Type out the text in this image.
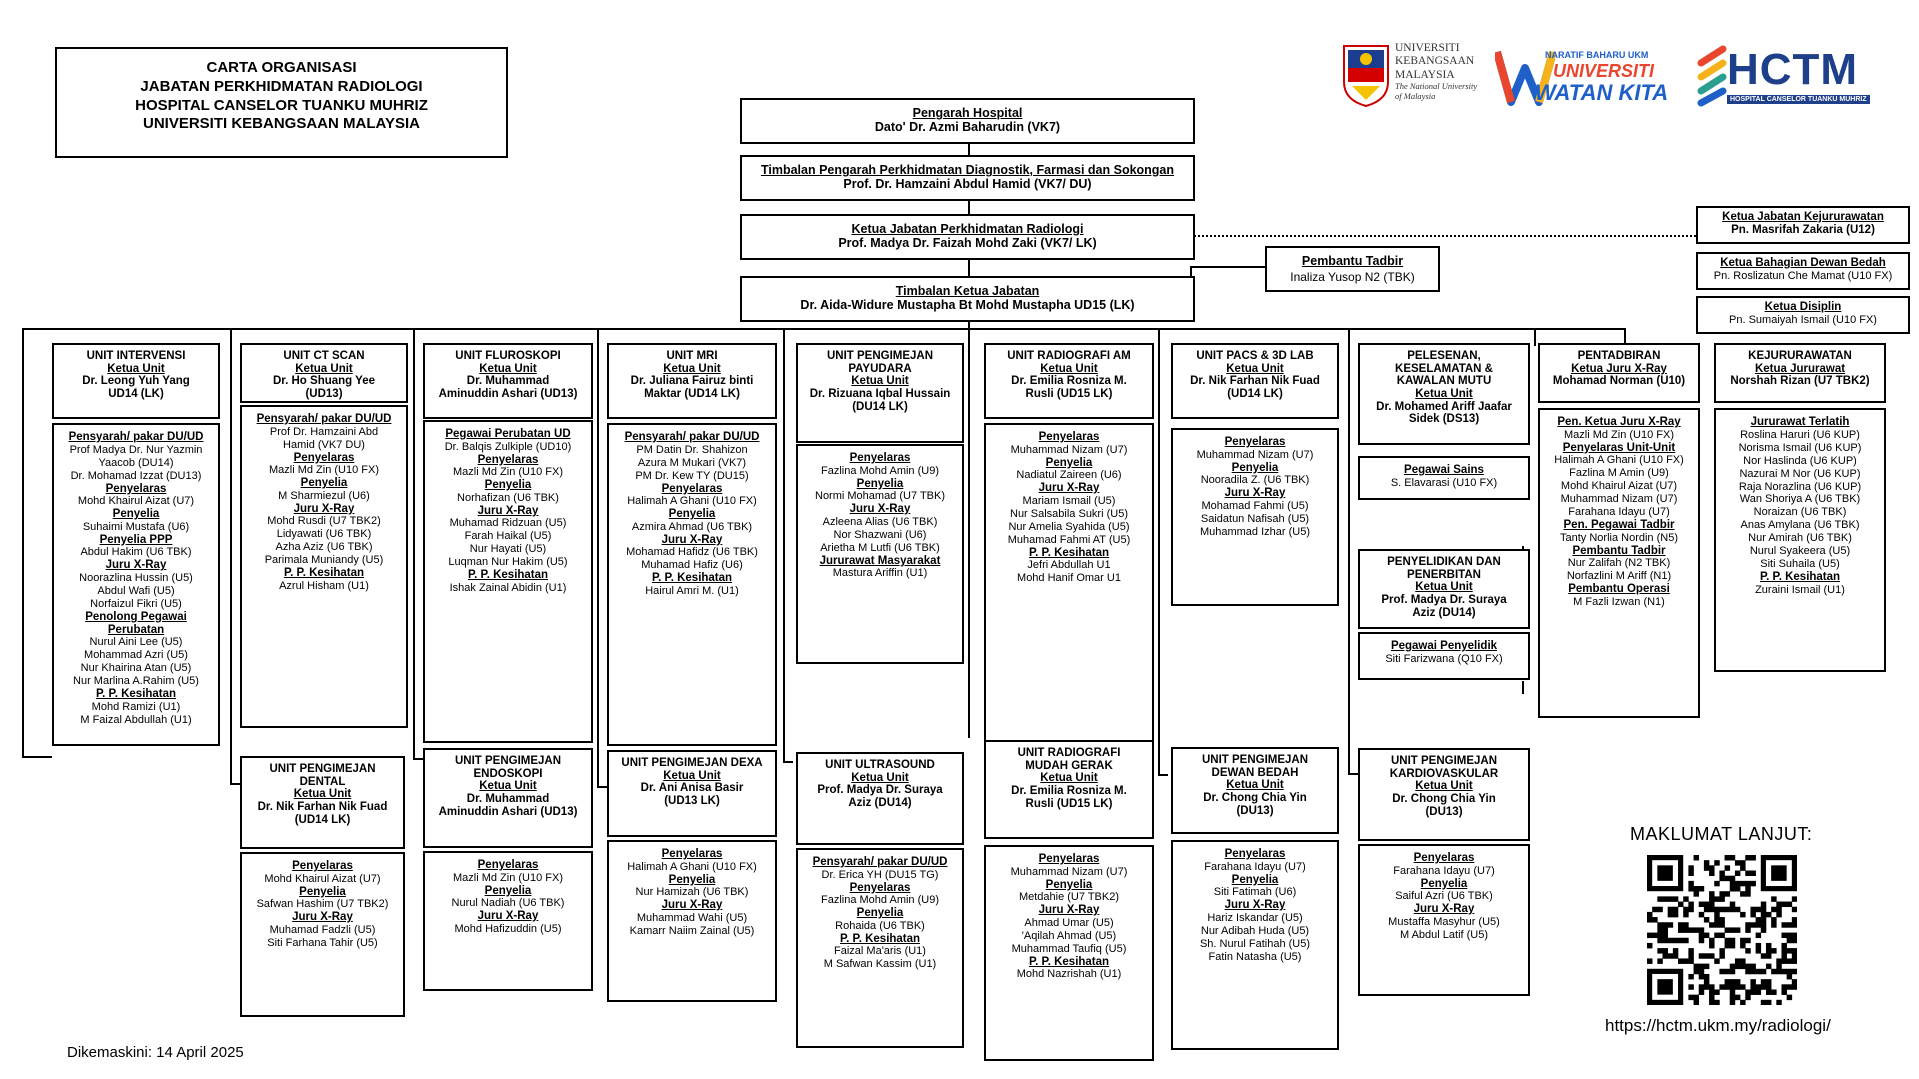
CARTA ORGANISASI
JABATAN PERKHIDMATAN RADIOLOGI
HOSPITAL CANSELOR TUANKU MUHRIZ
UNIVERSITI KEBANGSAAN MALAYSIA
UNIVERSITI
KEBANGSAAN
MALAYSIA
The National University
of Malaysia
NARATIF BAHARU UKM
UNIVERSITI
WATAN KITA HCTM
HOSPITAL CANSELOR TUANKU MUHRIZ
Pengarah Hospital
Dato' Dr. Azmi Baharudin (VK7)
Timbalan Pengarah Perkhidmatan Diagnostik, Farmasi dan Sokongan
Prof. Dr. Hamzaini Abdul Hamid (VK7/ DU)
Ketua Jabatan Perkhidmatan Radiologi
Prof. Madya Dr. Faizah Mohd Zaki (VK7/ LK)
Pembantu Tadbir
Inaliza Yusop N2 (TBK)
Timbalan Ketua Jabatan
Dr. Aida-Widure Mustapha Bt Mohd Mustapha UD15 (LK)
Ketua Jabatan Kejururawatan
Pn. Masrifah Zakaria (U12)
Ketua Bahagian Dewan Bedah
Pn. Roslizatun Che Mamat (U10 FX)
Ketua Disiplin
Pn. Sumaiyah Ismail (U10 FX)
UNIT INTERVENSI
Ketua Unit
Dr. Leong Yuh Yang
UD14 (LK)
Pensyarah/ pakar DU/UD
Prof Madya Dr. Nur Yazmin
Yaacob (DU14)
Dr. Mohamad Izzat (DU13)
Penyelaras
Mohd Khairul Aizat (U7)
Penyelia
Suhaimi Mustafa (U6)
Penyelia PPP
Abdul Hakim (U6 TBK)
Juru X-Ray
Noorazlina Hussin (U5)
Abdul Wafi (U5)
Norfaizul Fikri (U5)
Penolong Pegawai
Perubatan
Nurul Aini Lee (U5)
Mohammad Azri (U5)
Nur Khairina Atan (U5)
Nur Marlina A.Rahim (U5)
P. P. Kesihatan
Mohd Ramizi (U1)
M Faizal Abdullah (U1)
UNIT CT SCAN
Ketua Unit
Dr. Ho Shuang Yee
(UD13)
Pensyarah/ pakar DU/UD
Prof Dr. Hamzaini Abd
Hamid (VK7 DU)
Penyelaras
Mazli Md Zin (U10 FX)
Penyelia
M Sharmiezul (U6)
Juru X-Ray
Mohd Rusdi (U7 TBK2)
Lidyawati (U6 TBK)
Azha Aziz (U6 TBK)
Parimala Muniandy (U5)
P. P. Kesihatan
Azrul Hisham (U1)
UNIT FLUROSKOPI
Ketua Unit
Dr. Muhammad
Aminuddin Ashari (UD13)
Pegawai Perubatan UD
Dr. Balqis Zulkiple (UD10)
Penyelaras
Mazli Md Zin (U10 FX)
Penyelia
Norhafizan (U6 TBK)
Juru X-Ray
Muhamad Ridzuan (U5)
Farah Haikal (U5)
Nur Hayati (U5)
Luqman Nur Hakim (U5)
P. P. Kesihatan
Ishak Zainal Abidin (U1)
UNIT MRI
Ketua Unit
Dr. Juliana Fairuz binti
Maktar (UD14 LK)
Pensyarah/ pakar DU/UD
PM Datin Dr. Shahizon
Azura M Mukari (VK7)
PM Dr. Kew TY (DU15)
Penyelaras
Halimah A Ghani (U10 FX)
Penyelia
Azmira Ahmad (U6 TBK)
Juru X-Ray
Mohamad Hafidz (U6 TBK)
Muhamad Hafiz (U6)
P. P. Kesihatan
Hairul Amri M. (U1)
UNIT PENGIMEJAN
PAYUDARA
Ketua Unit
Dr. Rizuana Iqbal Hussain
(DU14 LK)
Penyelaras
Fazlina Mohd Amin (U9)
Penyelia
Normi Mohamad (U7 TBK)
Juru X-Ray
Azleena Alias (U6 TBK)
Nor Shazwani (U6)
Arietha M Lutfi (U6 TBK)
Jururawat Masyarakat
Mastura Ariffin (U1)
UNIT RADIOGRAFI AM
Ketua Unit
Dr. Emilia Rosniza M.
Rusli (UD15 LK)
Penyelaras
Muhammad Nizam (U7)
Penyelia
Nadiatul Zaireen (U6)
Juru X-Ray
Mariam Ismail (U5)
Nur Salsabila Sukri (U5)
Nur Amelia Syahida (U5)
Muhamad Fahmi AT (U5)
P. P. Kesihatan
Jefri Abdullah U1
Mohd Hanif Omar U1
UNIT PACS & 3D LAB
Ketua Unit
Dr. Nik Farhan Nik Fuad
(UD14 LK)
Penyelaras
Muhammad Nizam (U7)
Penyelia
Nooradila Z. (U6 TBK)
Juru X-Ray
Mohamad Fahmi (U5)
Saidatun Nafisah (U5)
Muhammad Izhar (U5)
PELESENAN,
KESELAMATAN &
KAWALAN MUTU
Ketua Unit
Dr. Mohamed Ariff Jaafar
Sidek (DS13)
Pegawai Sains
S. Elavarasi (U10 FX)
PENTADBIRAN
Ketua Juru X-Ray
Mohamad Norman (U10)
Pen. Ketua Juru X-Ray
Mazli Md Zin (U10 FX)
Penyelaras Unit-Unit
Halimah A Ghani (U10 FX)
Fazlina M Amin (U9)
Mohd Khairul Aizat (U7)
Muhammad Nizam (U7)
Farahana Idayu (U7)
Pen. Pegawai Tadbir
Tanty Norlia Nordin (N5)
Pembantu Tadbir
Nur Zalifah (N2 TBK)
Norfazlini M Ariff (N1)
Pembantu Operasi
M Fazli Izwan (N1)
KEJURURAWATAN
Ketua Jururawat
Norshah Rizan (U7 TBK2)
Jururawat Terlatih
Roslina Haruri (U6 KUP)
Norisma Ismail (U6 KUP)
Nor Haslinda (U6 KUP)
Nazurai M Nor (U6 KUP)
Raja Norazlina (U6 KUP)
Wan Shoriya A (U6 TBK)
Noraizan (U6 TBK)
Anas Amylana (U6 TBK)
Nur Amirah (U6 TBK)
Nurul Syakeera (U5)
Siti Suhaila (U5)
P. P. Kesihatan
Zuraini Ismail (U1)
UNIT PENGIMEJAN
DENTAL
Ketua Unit
Dr. Nik Farhan Nik Fuad
(UD14 LK)
Penyelaras
Mohd Khairul Aizat (U7)
Penyelia
Safwan Hashim (U7 TBK2)
Juru X-Ray
Muhamad Fadzli (U5)
Siti Farhana Tahir (U5)
UNIT PENGIMEJAN
ENDOSKOPI
Ketua Unit
Dr. Muhammad
Aminuddin Ashari (UD13)
Penyelaras
Mazli Md Zin (U10 FX)
Penyelia
Nurul Nadiah (U6 TBK)
Juru X-Ray
Mohd Hafizuddin (U5)
UNIT PENGIMEJAN DEXA
Ketua Unit
Dr. Ani Anisa Basir
(UD13 LK)
Penyelaras
Halimah A Ghani (U10 FX)
Penyelia
Nur Hamizah (U6 TBK)
Juru X-Ray
Muhammad Wahi (U5)
Kamarr Naiim Zainal (U5)
UNIT ULTRASOUND
Ketua Unit
Prof. Madya Dr. Suraya
Aziz (DU14)
Pensyarah/ pakar DU/UD
Dr. Erica YH (DU15 TG)
Penyelaras
Fazlina Mohd Amin (U9)
Penyelia
Rohaida (U6 TBK)
P. P. Kesihatan
Faizal Ma'aris (U1)
M Safwan Kassim (U1)
UNIT RADIOGRAFI
MUDAH GERAK
Ketua Unit
Dr. Emilia Rosniza M.
Rusli (UD15 LK)
Penyelaras
Muhammad Nizam (U7)
Penyelia
Metdahie (U7 TBK2)
Juru X-Ray
Ahmad Umar (U5)
'Aqilah Ahmad (U5)
Muhammad Taufiq (U5)
P. P. Kesihatan
Mohd Nazrishah (U1)
UNIT PENGIMEJAN
DEWAN BEDAH
Ketua Unit
Dr. Chong Chia Yin
(DU13)
Penyelaras
Farahana Idayu (U7)
Penyelia
Siti Fatimah (U6)
Juru X-Ray
Hariz Iskandar (U5)
Nur Adibah Huda (U5)
Sh. Nurul Fatihah (U5)
Fatin Natasha (U5)
UNIT PENGIMEJAN
KARDIOVASKULAR
Ketua Unit
Dr. Chong Chia Yin
(DU13)
Penyelaras
Farahana Idayu (U7)
Penyelia
Saiful Azri (U6 TBK)
Juru X-Ray
Mustaffa Masyhur (U5)
M Abdul Latif (U5)
PENYELIDIKAN DAN
PENERBITAN
Ketua Unit
Prof. Madya Dr. Suraya
Aziz (DU14)
Pegawai Penyelidik
Siti Farizwana (Q10 FX)
MAKLUMAT LANJUT:
https://hctm.ukm.my/radiologi/
Dikemaskini: 14 April 2025
